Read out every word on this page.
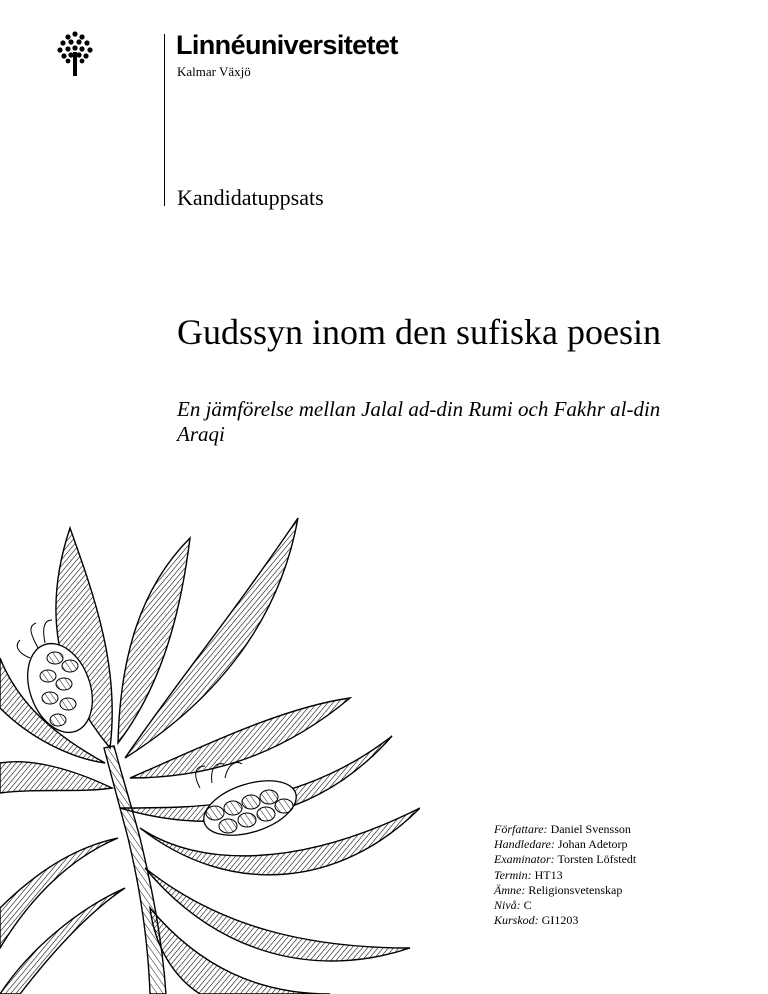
Linnéuniversitetet
Kalmar Växjö
Kandidatuppsats
Gudssyn inom den sufiska poesin
En jämförelse mellan Jalal ad-din Rumi och Fakhr al-din Araqi
Författare: Daniel Svensson
Handledare: Johan Adetorp
Examinator: Torsten Löfstedt
Termin: HT13
Ämne: Religionsvetenskap
Nivå: C
Kurskod: GI1203
